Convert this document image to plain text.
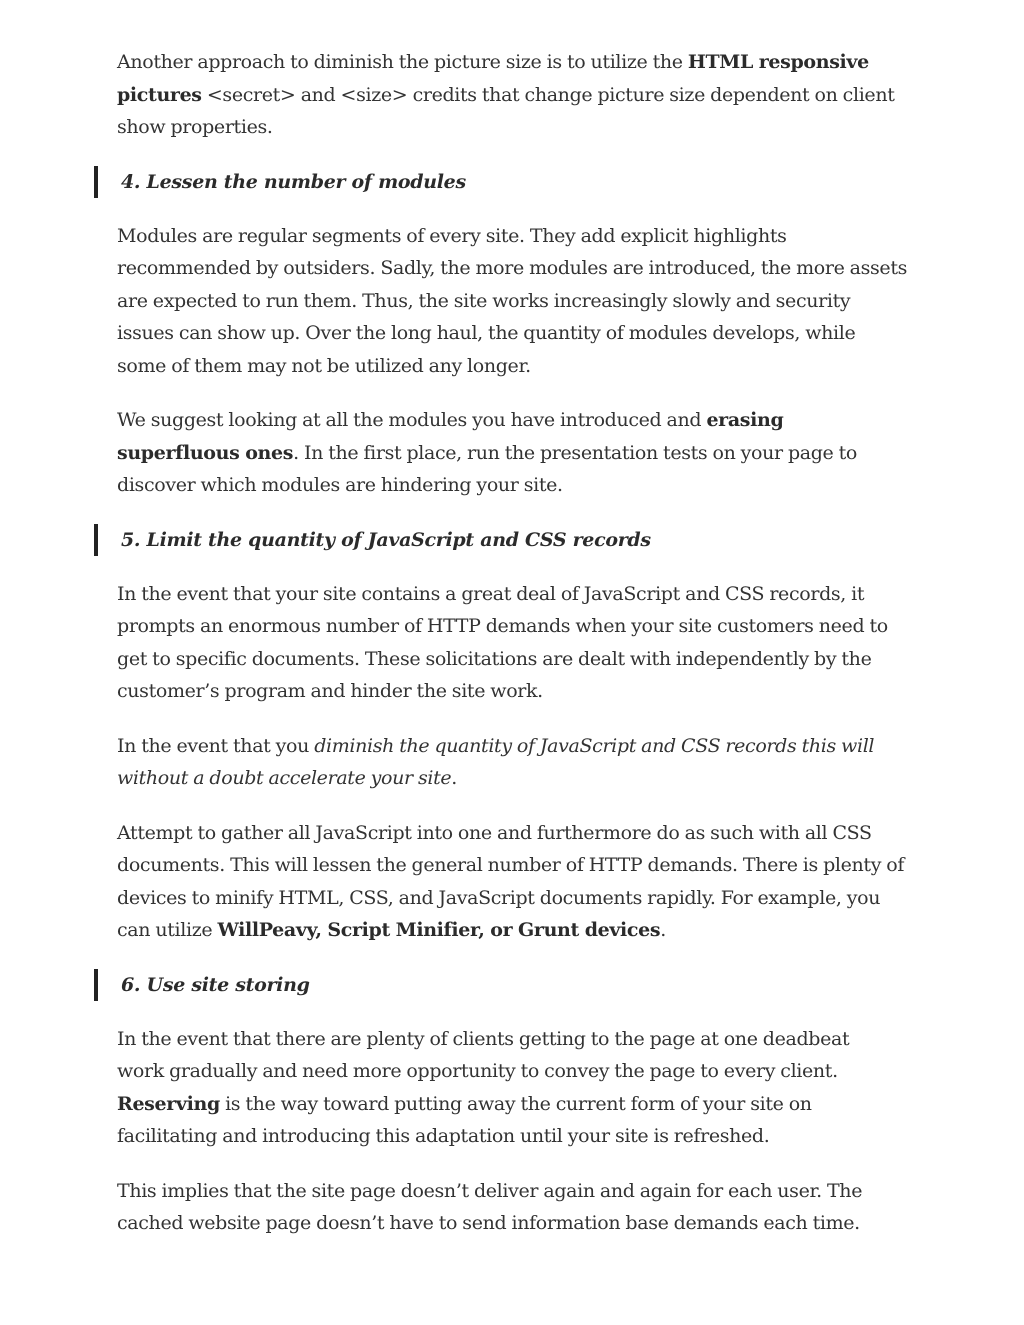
Another approach to diminish the picture size is to utilize the HTML responsive
pictures <secret> and <size> credits that change picture size dependent on client
show properties.

4. Lessen the number of modules

Modules are regular segments of every site. They add explicit highlights
recommended by outsiders. Sadly, the more modules are introduced, the more assets
are expected to run them. Thus, the site works increasingly slowly and security
issues can show up. Over the long haul, the quantity of modules develops, while
some of them may not be utilized any longer.

We suggest looking at all the modules you have introduced and erasing
superfluous ones. In the first place, run the presentation tests on your page to
discover which modules are hindering your site.

5. Limit the quantity of JavaScript and CSS records

In the event that your site contains a great deal of JavaScript and CSS records, it
prompts an enormous number of HTTP demands when your site customers need to
get to specific documents. These solicitations are dealt with independently by the
customer’s program and hinder the site work.

In the event that you diminish the quantity of JavaScript and CSS records this will
without a doubt accelerate your site.

Attempt to gather all JavaScript into one and furthermore do as such with all CSS
documents. This will lessen the general number of HTTP demands. There is plenty of
devices to minify HTML, CSS, and JavaScript documents rapidly. For example, you
can utilize WillPeavy, Script Minifier, or Grunt devices.

6. Use site storing

In the event that there are plenty of clients getting to the page at one deadbeat
work gradually and need more opportunity to convey the page to every client.
Reserving is the way toward putting away the current form of your site on
facilitating and introducing this adaptation until your site is refreshed.

This implies that the site page doesn’t deliver again and again for each user. The
cached website page doesn’t have to send information base demands each time.
